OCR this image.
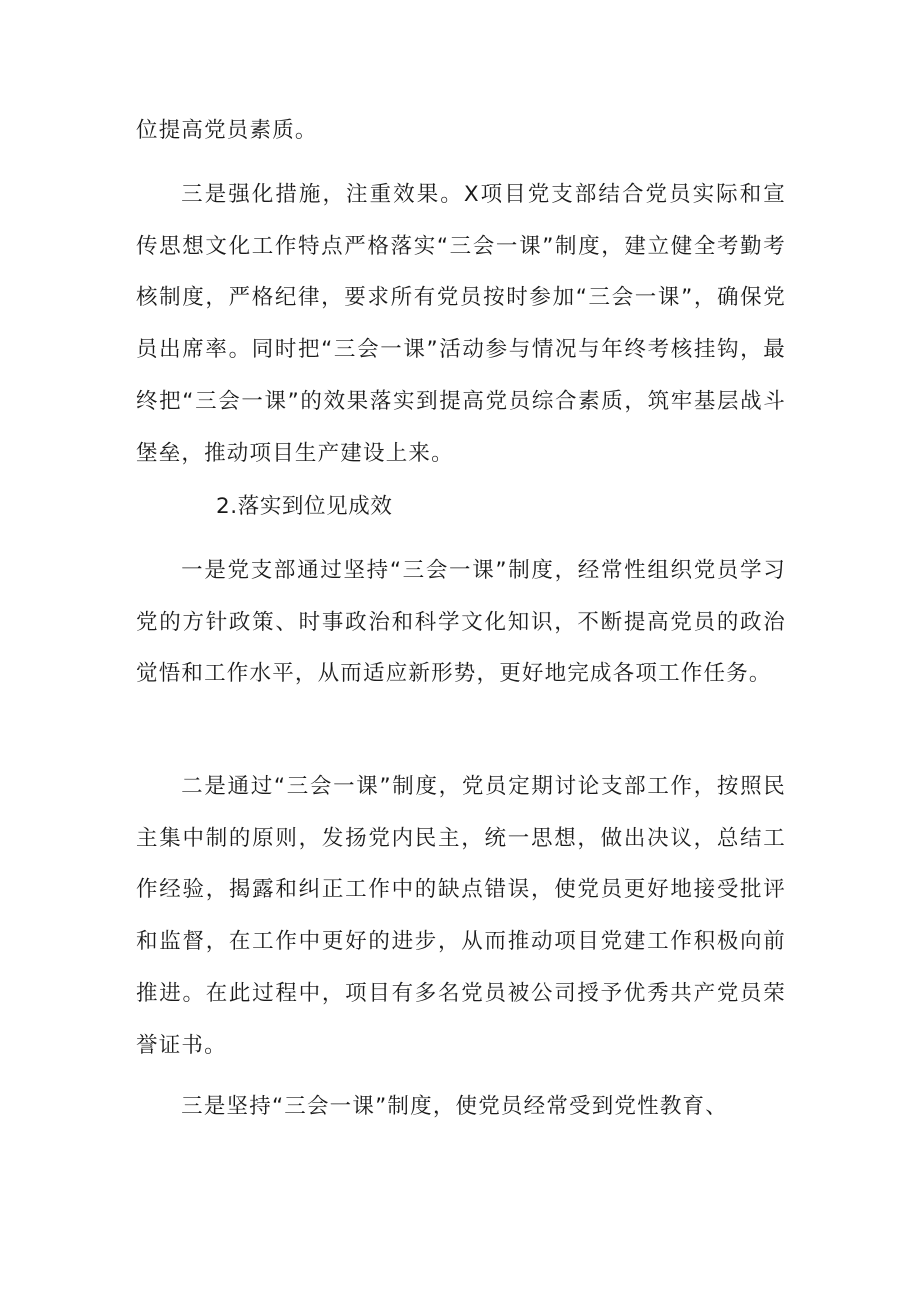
位提高党员素质。

三是强化措施，注重效果。X项目党支部结合党员实际和宣传思想文化工作特点严格落实“三会一课”制度，建立健全考勤考核制度，严格纪律，要求所有党员按时参加“三会一课”，确保党员出席率。同时把“三会一课”活动参与情况与年终考核挂钩，最终把“三会一课”的效果落实到提高党员综合素质，筑牢基层战斗堡垒，推动项目生产建设上来。

2.落实到位见成效

一是党支部通过坚持“三会一课”制度，经常性组织党员学习党的方针政策、时事政治和科学文化知识，不断提高党员的政治觉悟和工作水平，从而适应新形势，更好地完成各项工作任务。

二是通过“三会一课”制度，党员定期讨论支部工作，按照民主集中制的原则，发扬党内民主，统一思想，做出决议，总结工作经验，揭露和纠正工作中的缺点错误，使党员更好地接受批评和监督，在工作中更好的进步，从而推动项目党建工作积极向前推进。在此过程中，项目有多名党员被公司授予优秀共产党员荣誉证书。

三是坚持“三会一课”制度，使党员经常受到党性教育、
